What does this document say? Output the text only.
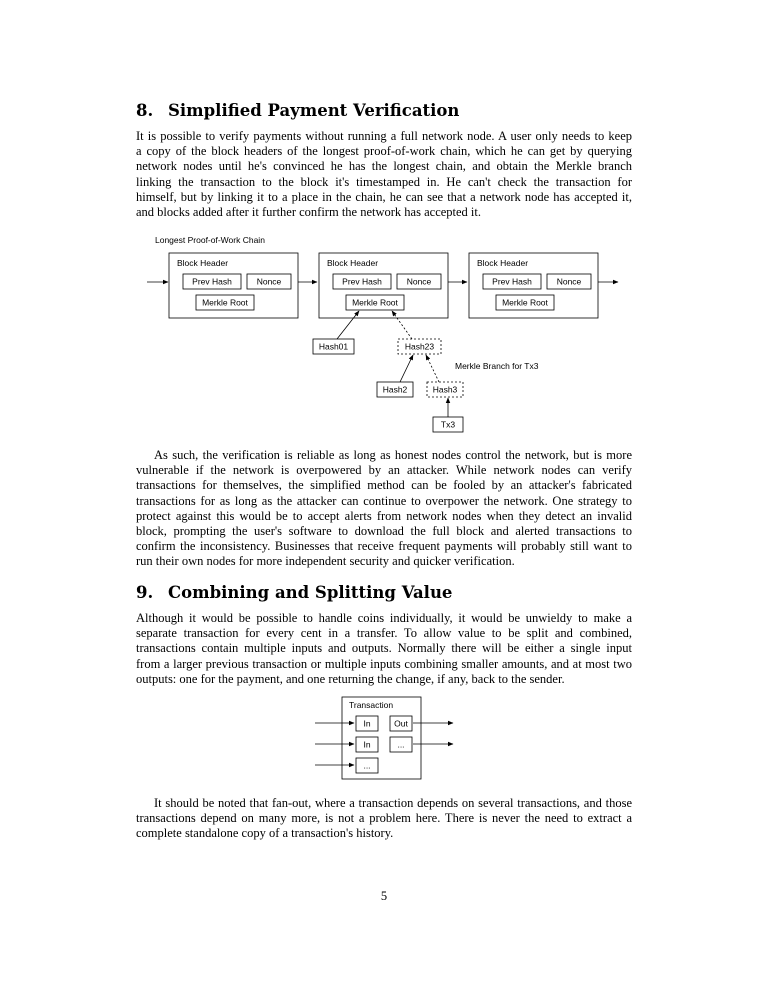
8. Simplified Payment Verification

It is possible to verify payments without running a full network node. A user only needs to keep
a copy of the block headers of the longest proof-of-work chain, which he can get by querying
network nodes until he's convinced he has the longest chain, and obtain the Merkle branch
linking the transaction to the block it's timestamped in. He can't check the transaction for
himself, but by linking it to a place in the chain, he can see that a network node has accepted it,
and blocks added after it further confirm the network has accepted it.

Longest Proof-of-Work Chain
Block Header
Prev Hash	Nonce
Merkle Root
Block Header
Prev Hash	Nonce
Merkle Root
Block Header
Prev Hash	Nonce
Merkle Root
Hash01	Hash23
Merkle Branch for Tx3
Hash2	Hash3
Tx3
Transaction
In	Out
In	...
...

As such, the verification is reliable as long as honest nodes control the network, but is more
vulnerable if the network is overpowered by an attacker. While network nodes can verify
transactions for themselves, the simplified method can be fooled by an attacker's fabricated
transactions for as long as the attacker can continue to overpower the network. One strategy to
protect against this would be to accept alerts from network nodes when they detect an invalid
block, prompting the user's software to download the full block and alerted transactions to
confirm the inconsistency. Businesses that receive frequent payments will probably still want to
run their own nodes for more independent security and quicker verification.

9. Combining and Splitting Value

Although it would be possible to handle coins individually, it would be unwieldy to make a
separate transaction for every cent in a transfer. To allow value to be split and combined,
transactions contain multiple inputs and outputs. Normally there will be either a single input
from a larger previous transaction or multiple inputs combining smaller amounts, and at most two
outputs: one for the payment, and one returning the change, if any, back to the sender.

It should be noted that fan-out, where a transaction depends on several transactions, and those
transactions depend on many more, is not a problem here. There is never the need to extract a
complete standalone copy of a transaction's history.

5
